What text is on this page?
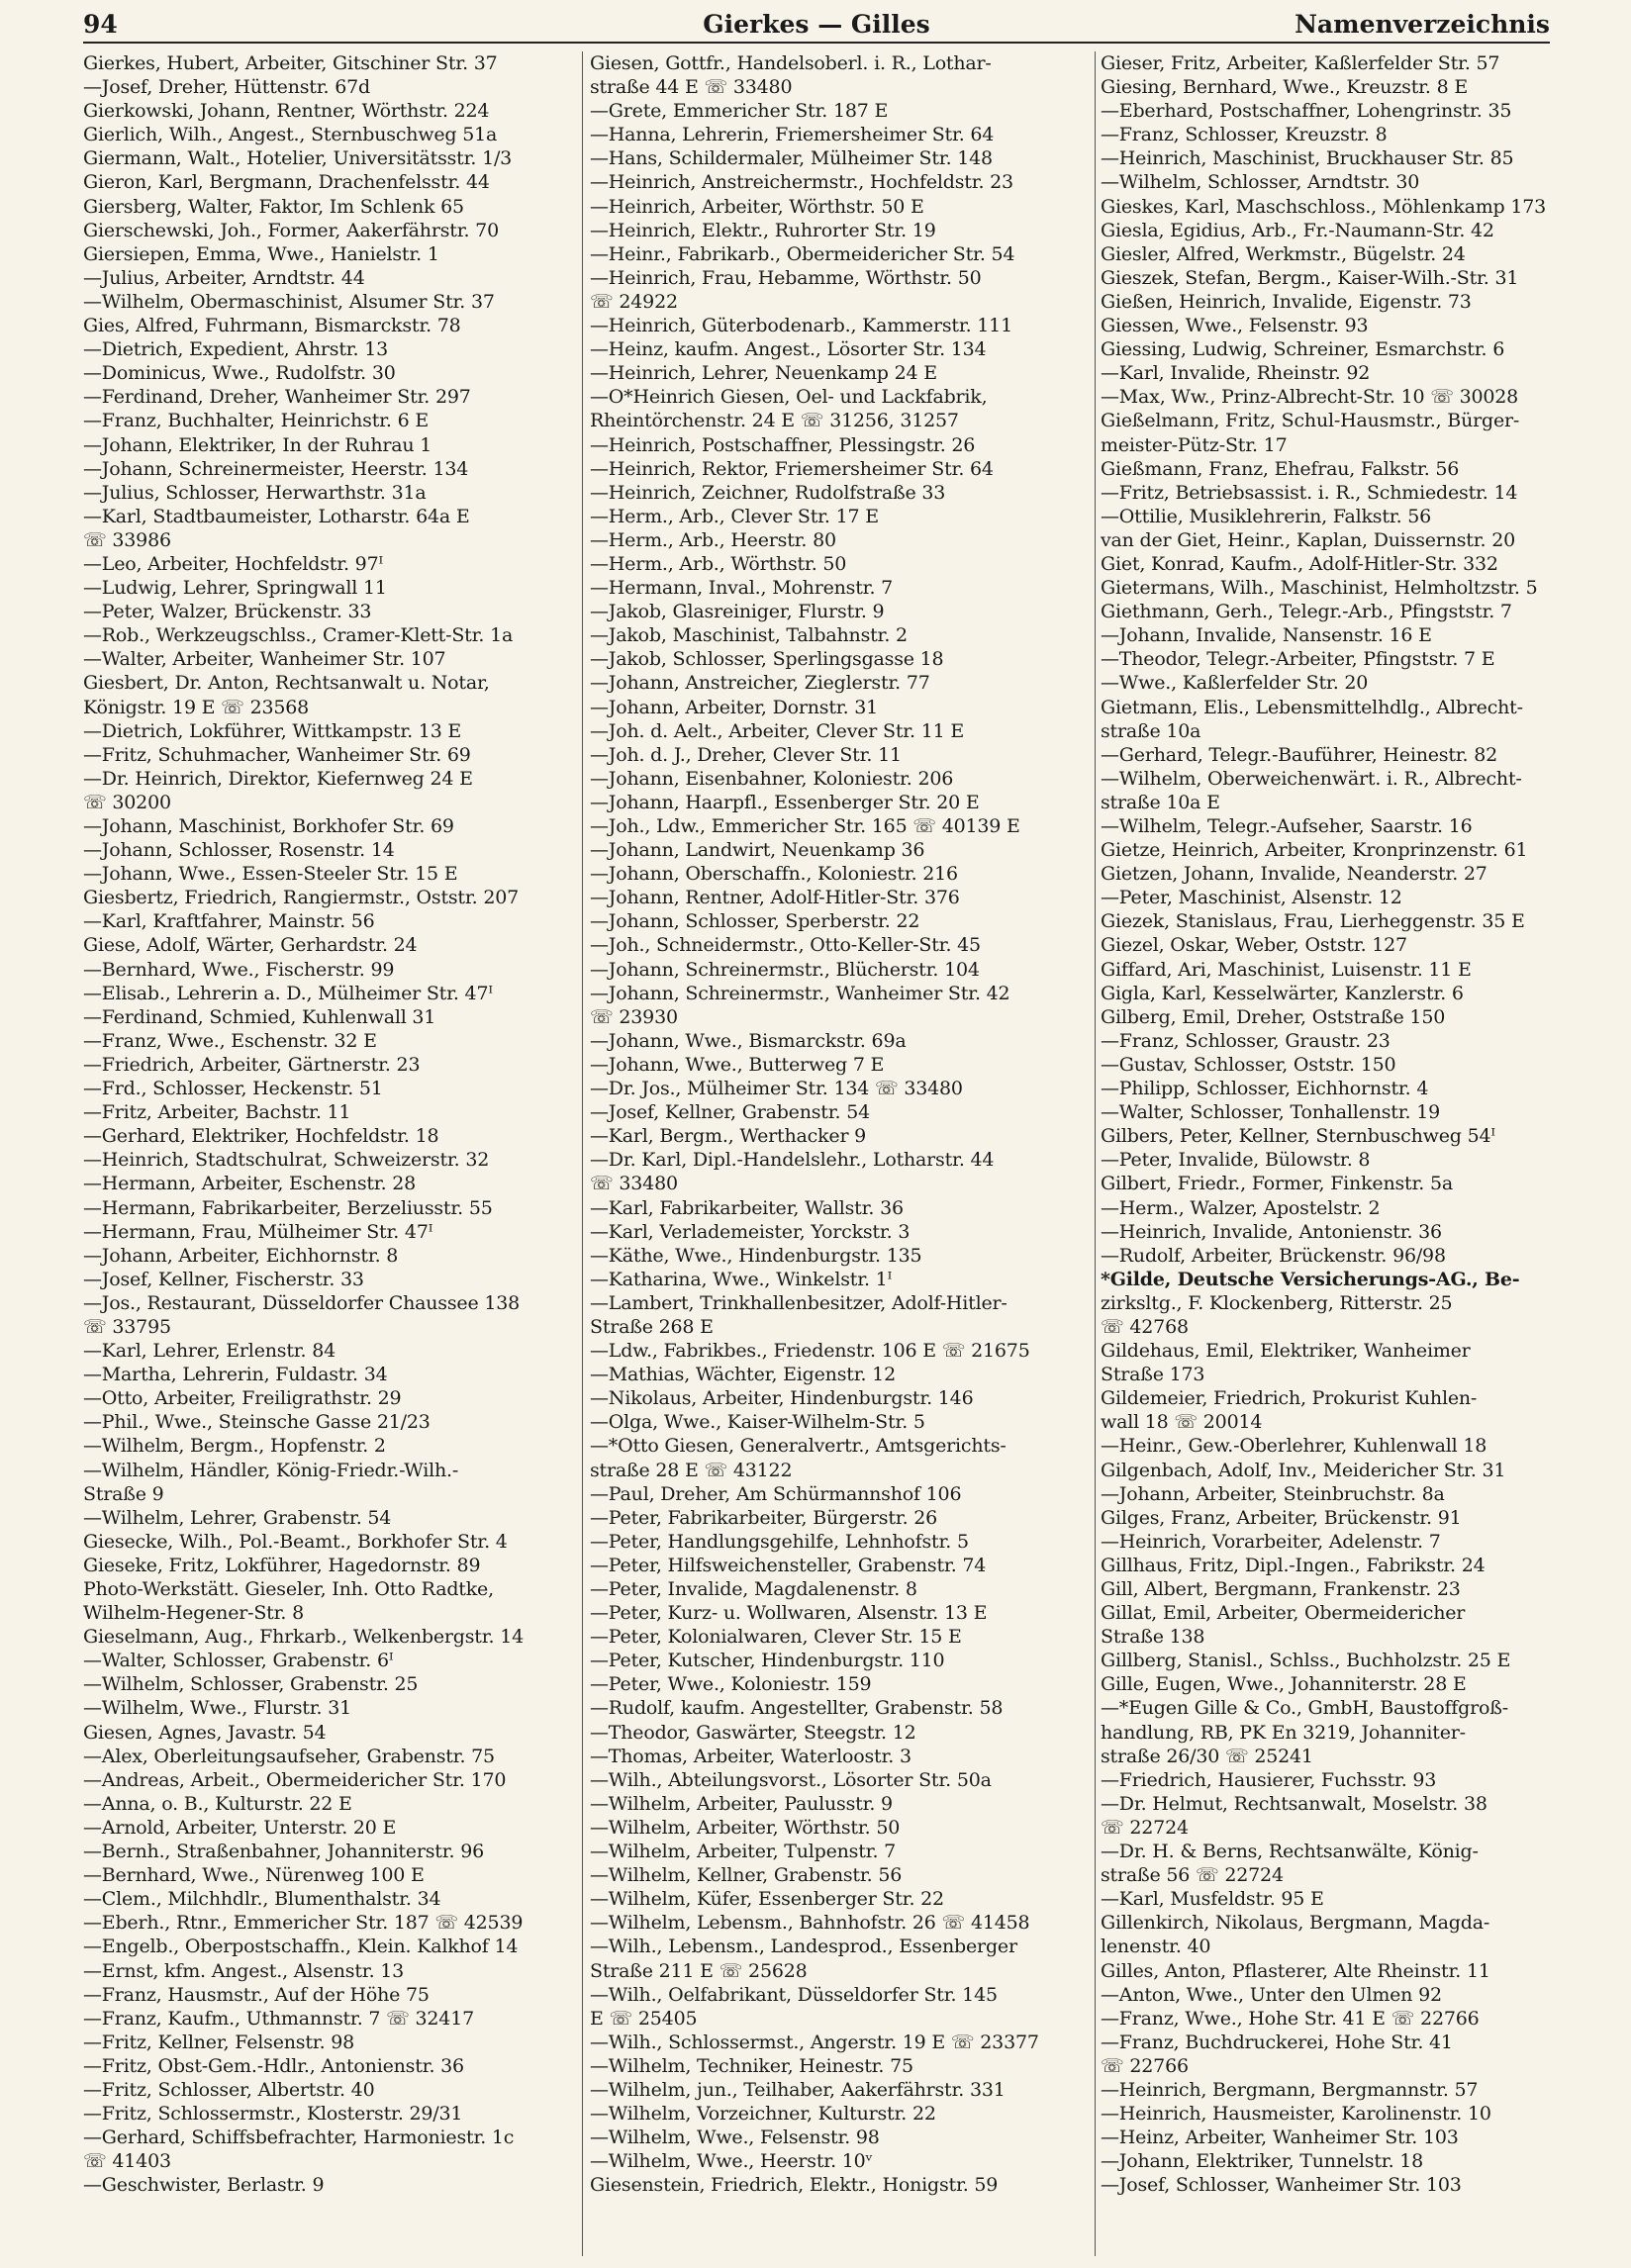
94	Gierkes — Gilles	Namenverzeichnis
Gierkes, Hubert, Arbeiter, Gitschiner Str. 37
—Josef, Dreher, Hüttenstr. 67d
Gierkowski, Johann, Rentner, Wörthstr. 224
Gierlich, Wilh., Angest., Sternbuschweg 51a
Giermann, Walt., Hotelier, Universitätsstr. 1/3
Gieron, Karl, Bergmann, Drachenfelsstr. 44
Giersberg, Walter, Faktor, Im Schlenk 65
Gierschewski, Joh., Former, Aakerfährstr. 70
Giersiepen, Emma, Wwe., Hanielstr. 1
—Julius, Arbeiter, Arndtstr. 44
—Wilhelm, Obermaschinist, Alsumer Str. 37
Gies, Alfred, Fuhrmann, Bismarckstr. 78
—Dietrich, Expedient, Ahrstr. 13
—Dominicus, Wwe., Rudolfstr. 30
—Ferdinand, Dreher, Wanheimer Str. 297
—Franz, Buchhalter, Heinrichstr. 6 E
—Johann, Elektriker, In der Ruhrau 1
—Johann, Schreinermeister, Heerstr. 134
—Julius, Schlosser, Herwarthstr. 31a
—Karl, Stadtbaumeister, Lotharstr. 64a E
☏ 33986
—Leo, Arbeiter, Hochfeldstr. 97ᴵ
—Ludwig, Lehrer, Springwall 11
—Peter, Walzer, Brückenstr. 33
—Rob., Werkzeugschlss., Cramer-Klett-Str. 1a
—Walter, Arbeiter, Wanheimer Str. 107
Giesbert, Dr. Anton, Rechtsanwalt u. Notar,
Königstr. 19 E ☏ 23568
—Dietrich, Lokführer, Wittkampstr. 13 E
—Fritz, Schuhmacher, Wanheimer Str. 69
—Dr. Heinrich, Direktor, Kiefernweg 24 E
☏ 30200
—Johann, Maschinist, Borkhofer Str. 69
—Johann, Schlosser, Rosenstr. 14
—Johann, Wwe., Essen-Steeler Str. 15 E
Giesbertz, Friedrich, Rangiermstr., Oststr. 207
—Karl, Kraftfahrer, Mainstr. 56
Giese, Adolf, Wärter, Gerhardstr. 24
—Bernhard, Wwe., Fischerstr. 99
—Elisab., Lehrerin a. D., Mülheimer Str. 47ᴵ
—Ferdinand, Schmied, Kuhlenwall 31
—Franz, Wwe., Eschenstr. 32 E
—Friedrich, Arbeiter, Gärtnerstr. 23
—Frd., Schlosser, Heckenstr. 51
—Fritz, Arbeiter, Bachstr. 11
—Gerhard, Elektriker, Hochfeldstr. 18
—Heinrich, Stadtschulrat, Schweizerstr. 32
—Hermann, Arbeiter, Eschenstr. 28
—Hermann, Fabrikarbeiter, Berzeliusstr. 55
—Hermann, Frau, Mülheimer Str. 47ᴵ
—Johann, Arbeiter, Eichhornstr. 8
—Josef, Kellner, Fischerstr. 33
—Jos., Restaurant, Düsseldorfer Chaussee 138
☏ 33795
—Karl, Lehrer, Erlenstr. 84
—Martha, Lehrerin, Fuldastr. 34
—Otto, Arbeiter, Freiligrathstr. 29
—Phil., Wwe., Steinsche Gasse 21/23
—Wilhelm, Bergm., Hopfenstr. 2
—Wilhelm, Händler, König-Friedr.-Wilh.-
Straße 9
—Wilhelm, Lehrer, Grabenstr. 54
Giesecke, Wilh., Pol.-Beamt., Borkhofer Str. 4
Gieseke, Fritz, Lokführer, Hagedornstr. 89
Photo-Werkstätt. Gieseler, Inh. Otto Radtke,
Wilhelm-Hegener-Str. 8
Gieselmann, Aug., Fhrkarb., Welkenbergstr. 14
—Walter, Schlosser, Grabenstr. 6ᴵ
—Wilhelm, Schlosser, Grabenstr. 25
—Wilhelm, Wwe., Flurstr. 31
Giesen, Agnes, Javastr. 54
—Alex, Oberleitungsaufseher, Grabenstr. 75
—Andreas, Arbeit., Obermeidericher Str. 170
—Anna, o. B., Kulturstr. 22 E
—Arnold, Arbeiter, Unterstr. 20 E
—Bernh., Straßenbahner, Johanniterstr. 96
—Bernhard, Wwe., Nürenweg 100 E
—Clem., Milchhdlr., Blumenthalstr. 34
—Eberh., Rtnr., Emmericher Str. 187 ☏ 42539
—Engelb., Oberpostschaffn., Klein. Kalkhof 14
—Ernst, kfm. Angest., Alsenstr. 13
—Franz, Hausmstr., Auf der Höhe 75
—Franz, Kaufm., Uthmannstr. 7 ☏ 32417
—Fritz, Kellner, Felsenstr. 98
—Fritz, Obst-Gem.-Hdlr., Antonienstr. 36
—Fritz, Schlosser, Albertstr. 40
—Fritz, Schlossermstr., Klosterstr. 29/31
—Gerhard, Schiffsbefrachter, Harmoniestr. 1c
☏ 41403
—Geschwister, Berlastr. 9
Giesen, Gottfr., Handelsoberl. i. R., Lothar-
straße 44 E ☏ 33480
—Grete, Emmericher Str. 187 E
—Hanna, Lehrerin, Friemersheimer Str. 64
—Hans, Schildermaler, Mülheimer Str. 148
—Heinrich, Anstreichermstr., Hochfeldstr. 23
—Heinrich, Arbeiter, Wörthstr. 50 E
—Heinrich, Elektr., Ruhrorter Str. 19
—Heinr., Fabrikarb., Obermeidericher Str. 54
—Heinrich, Frau, Hebamme, Wörthstr. 50
☏ 24922
—Heinrich, Güterbodenarb., Kammerstr. 111
—Heinz, kaufm. Angest., Lösorter Str. 134
—Heinrich, Lehrer, Neuenkamp 24 E
—O*Heinrich Giesen, Oel- und Lackfabrik,
Rheintörchenstr. 24 E ☏ 31256, 31257
—Heinrich, Postschaffner, Plessingstr. 26
—Heinrich, Rektor, Friemersheimer Str. 64
—Heinrich, Zeichner, Rudolfstraße 33
—Herm., Arb., Clever Str. 17 E
—Herm., Arb., Heerstr. 80
—Herm., Arb., Wörthstr. 50
—Hermann, Inval., Mohrenstr. 7
—Jakob, Glasreiniger, Flurstr. 9
—Jakob, Maschinist, Talbahnstr. 2
—Jakob, Schlosser, Sperlingsgasse 18
—Johann, Anstreicher, Zieglerstr. 77
—Johann, Arbeiter, Dornstr. 31
—Joh. d. Aelt., Arbeiter, Clever Str. 11 E
—Joh. d. J., Dreher, Clever Str. 11
—Johann, Eisenbahner, Koloniestr. 206
—Johann, Haarpfl., Essenberger Str. 20 E
—Joh., Ldw., Emmericher Str. 165 ☏ 40139 E
—Johann, Landwirt, Neuenkamp 36
—Johann, Oberschaffn., Koloniestr. 216
—Johann, Rentner, Adolf-Hitler-Str. 376
—Johann, Schlosser, Sperberstr. 22
—Joh., Schneidermstr., Otto-Keller-Str. 45
—Johann, Schreinermstr., Blücherstr. 104
—Johann, Schreinermstr., Wanheimer Str. 42
☏ 23930
—Johann, Wwe., Bismarckstr. 69a
—Johann, Wwe., Butterweg 7 E
—Dr. Jos., Mülheimer Str. 134 ☏ 33480
—Josef, Kellner, Grabenstr. 54
—Karl, Bergm., Werthacker 9
—Dr. Karl, Dipl.-Handelslehr., Lotharstr. 44
☏ 33480
—Karl, Fabrikarbeiter, Wallstr. 36
—Karl, Verlademeister, Yorckstr. 3
—Käthe, Wwe., Hindenburgstr. 135
—Katharina, Wwe., Winkelstr. 1ᴵ
—Lambert, Trinkhallenbesitzer, Adolf-Hitler-
Straße 268 E
—Ldw., Fabrikbes., Friedenstr. 106 E ☏ 21675
—Mathias, Wächter, Eigenstr. 12
—Nikolaus, Arbeiter, Hindenburgstr. 146
—Olga, Wwe., Kaiser-Wilhelm-Str. 5
—*Otto Giesen, Generalvertr., Amtsgerichts-
straße 28 E ☏ 43122
—Paul, Dreher, Am Schürmannshof 106
—Peter, Fabrikarbeiter, Bürgerstr. 26
—Peter, Handlungsgehilfe, Lehnhofstr. 5
—Peter, Hilfsweichensteller, Grabenstr. 74
—Peter, Invalide, Magdalenenstr. 8
—Peter, Kurz- u. Wollwaren, Alsenstr. 13 E
—Peter, Kolonialwaren, Clever Str. 15 E
—Peter, Kutscher, Hindenburgstr. 110
—Peter, Wwe., Koloniestr. 159
—Rudolf, kaufm. Angestellter, Grabenstr. 58
—Theodor, Gaswärter, Steegstr. 12
—Thomas, Arbeiter, Waterloostr. 3
—Wilh., Abteilungsvorst., Lösorter Str. 50a
—Wilhelm, Arbeiter, Paulusstr. 9
—Wilhelm, Arbeiter, Wörthstr. 50
—Wilhelm, Arbeiter, Tulpenstr. 7
—Wilhelm, Kellner, Grabenstr. 56
—Wilhelm, Küfer, Essenberger Str. 22
—Wilhelm, Lebensm., Bahnhofstr. 26 ☏ 41458
—Wilh., Lebensm., Landesprod., Essenberger
Straße 211 E ☏ 25628
—Wilh., Oelfabrikant, Düsseldorfer Str. 145
E ☏ 25405
—Wilh., Schlossermst., Angerstr. 19 E ☏ 23377
—Wilhelm, Techniker, Heinestr. 75
—Wilhelm, jun., Teilhaber, Aakerfährstr. 331
—Wilhelm, Vorzeichner, Kulturstr. 22
—Wilhelm, Wwe., Felsenstr. 98
—Wilhelm, Wwe., Heerstr. 10ᵛ
Giesenstein, Friedrich, Elektr., Honigstr. 59
Gieser, Fritz, Arbeiter, Kaßlerfelder Str. 57
Giesing, Bernhard, Wwe., Kreuzstr. 8 E
—Eberhard, Postschaffner, Lohengrinstr. 35
—Franz, Schlosser, Kreuzstr. 8
—Heinrich, Maschinist, Bruckhauser Str. 85
—Wilhelm, Schlosser, Arndtstr. 30
Gieskes, Karl, Maschschloss., Möhlenkamp 173
Giesla, Egidius, Arb., Fr.-Naumann-Str. 42
Giesler, Alfred, Werkmstr., Bügelstr. 24
Gieszek, Stefan, Bergm., Kaiser-Wilh.-Str. 31
Gießen, Heinrich, Invalide, Eigenstr. 73
Giessen, Wwe., Felsenstr. 93
Giessing, Ludwig, Schreiner, Esmarchstr. 6
—Karl, Invalide, Rheinstr. 92
—Max, Ww., Prinz-Albrecht-Str. 10 ☏ 30028
Gießelmann, Fritz, Schul-Hausmstr., Bürger-
meister-Pütz-Str. 17
Gießmann, Franz, Ehefrau, Falkstr. 56
—Fritz, Betriebsassist. i. R., Schmiedestr. 14
—Ottilie, Musiklehrerin, Falkstr. 56
van der Giet, Heinr., Kaplan, Duissernstr. 20
Giet, Konrad, Kaufm., Adolf-Hitler-Str. 332
Gietermans, Wilh., Maschinist, Helmholtzstr. 5
Giethmann, Gerh., Telegr.-Arb., Pfingststr. 7
—Johann, Invalide, Nansenstr. 16 E
—Theodor, Telegr.-Arbeiter, Pfingststr. 7 E
—Wwe., Kaßlerfelder Str. 20
Gietmann, Elis., Lebensmittelhdlg., Albrecht-
straße 10a
—Gerhard, Telegr.-Bauführer, Heinestr. 82
—Wilhelm, Oberweichenwärt. i. R., Albrecht-
straße 10a E
—Wilhelm, Telegr.-Aufseher, Saarstr. 16
Gietze, Heinrich, Arbeiter, Kronprinzenstr. 61
Gietzen, Johann, Invalide, Neanderstr. 27
—Peter, Maschinist, Alsenstr. 12
Giezek, Stanislaus, Frau, Lierheggenstr. 35 E
Giezel, Oskar, Weber, Oststr. 127
Giffard, Ari, Maschinist, Luisenstr. 11 E
Gigla, Karl, Kesselwärter, Kanzlerstr. 6
Gilberg, Emil, Dreher, Oststraße 150
—Franz, Schlosser, Graustr. 23
—Gustav, Schlosser, Oststr. 150
—Philipp, Schlosser, Eichhornstr. 4
—Walter, Schlosser, Tonhallenstr. 19
Gilbers, Peter, Kellner, Sternbuschweg 54ᴵ
—Peter, Invalide, Bülowstr. 8
Gilbert, Friedr., Former, Finkenstr. 5a
—Herm., Walzer, Apostelstr. 2
—Heinrich, Invalide, Antonienstr. 36
—Rudolf, Arbeiter, Brückenstr. 96/98
*Gilde, Deutsche Versicherungs-AG., Be-
zirksltg., F. Klockenberg, Ritterstr. 25
☏ 42768
Gildehaus, Emil, Elektriker, Wanheimer
Straße 173
Gildemeier, Friedrich, Prokurist Kuhlen-
wall 18 ☏ 20014
—Heinr., Gew.-Oberlehrer, Kuhlenwall 18
Gilgenbach, Adolf, Inv., Meidericher Str. 31
—Johann, Arbeiter, Steinbruchstr. 8a
Gilges, Franz, Arbeiter, Brückenstr. 91
—Heinrich, Vorarbeiter, Adelenstr. 7
Gillhaus, Fritz, Dipl.-Ingen., Fabrikstr. 24
Gill, Albert, Bergmann, Frankenstr. 23
Gillat, Emil, Arbeiter, Obermeidericher
Straße 138
Gillberg, Stanisl., Schlss., Buchholzstr. 25 E
Gille, Eugen, Wwe., Johanniterstr. 28 E
—*Eugen Gille & Co., GmbH, Baustoffgroß-
handlung, RB, PK En 3219, Johanniter-
straße 26/30 ☏ 25241
—Friedrich, Hausierer, Fuchsstr. 93
—Dr. Helmut, Rechtsanwalt, Moselstr. 38
☏ 22724
—Dr. H. & Berns, Rechtsanwälte, König-
straße 56 ☏ 22724
—Karl, Musfeldstr. 95 E
Gillenkirch, Nikolaus, Bergmann, Magda-
lenenstr. 40
Gilles, Anton, Pflasterer, Alte Rheinstr. 11
—Anton, Wwe., Unter den Ulmen 92
—Franz, Wwe., Hohe Str. 41 E ☏ 22766
—Franz, Buchdruckerei, Hohe Str. 41
☏ 22766
—Heinrich, Bergmann, Bergmannstr. 57
—Heinrich, Hausmeister, Karolinenstr. 10
—Heinz, Arbeiter, Wanheimer Str. 103
—Johann, Elektriker, Tunnelstr. 18
—Josef, Schlosser, Wanheimer Str. 103
